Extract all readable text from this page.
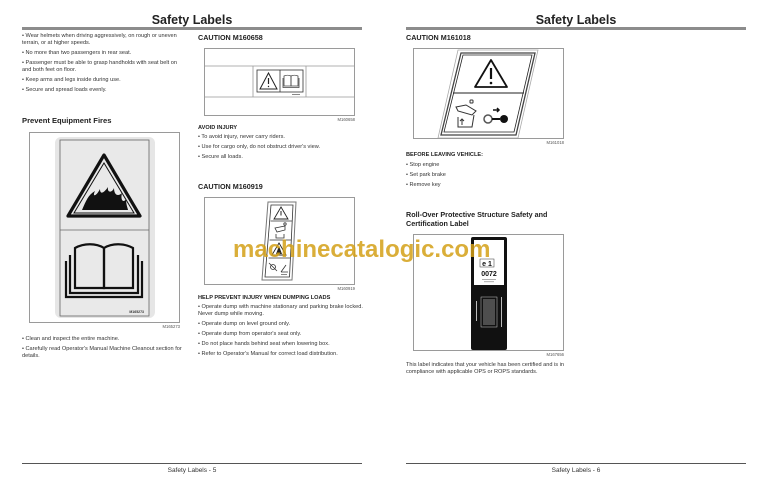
Safety Labels
• Wear helmets when driving aggressively, on rough or uneven terrain, or at higher speeds.
• No more than two passengers in rear seat.
• Passenger must be able to grasp handholds with seat belt on and both feet on floor.
• Keep arms and legs inside during use.
• Secure and spread loads evenly.
Prevent Equipment Fires
M165273
M165273
• Clean and inspect the entire machine.
• Carefully read Operator's Manual Machine Cleanout section for details.
CAUTION M160658
M160658
AVOID INJURY
• To avoid injury, never carry riders.
• Use for cargo only, do not obstruct driver's view.
• Secure all loads.
CAUTION M160919
M160919
HELP PREVENT INJURY WHEN DUMPING LOADS
• Operate dump with machine stationary and parking brake locked. Never dump while moving.
• Operate dump on level ground only.
• Operate dump from operator's seat only.
• Do not place hands behind seat when lowering box.
• Refer to Operator's Manual for correct load distribution.
Safety Labels - 5
Safety Labels
CAUTION M161018
M161018
BEFORE LEAVING VEHICLE:
• Stop engine
• Set park brake
• Remove key
Roll-Over Protective Structure Safety and Certification Label
e 1
0072
M167656
This label indicates that your vehicle has been certified and is in compliance with applicable OPS or ROPS standards.
Safety Labels - 6
machinecatalogic.com
